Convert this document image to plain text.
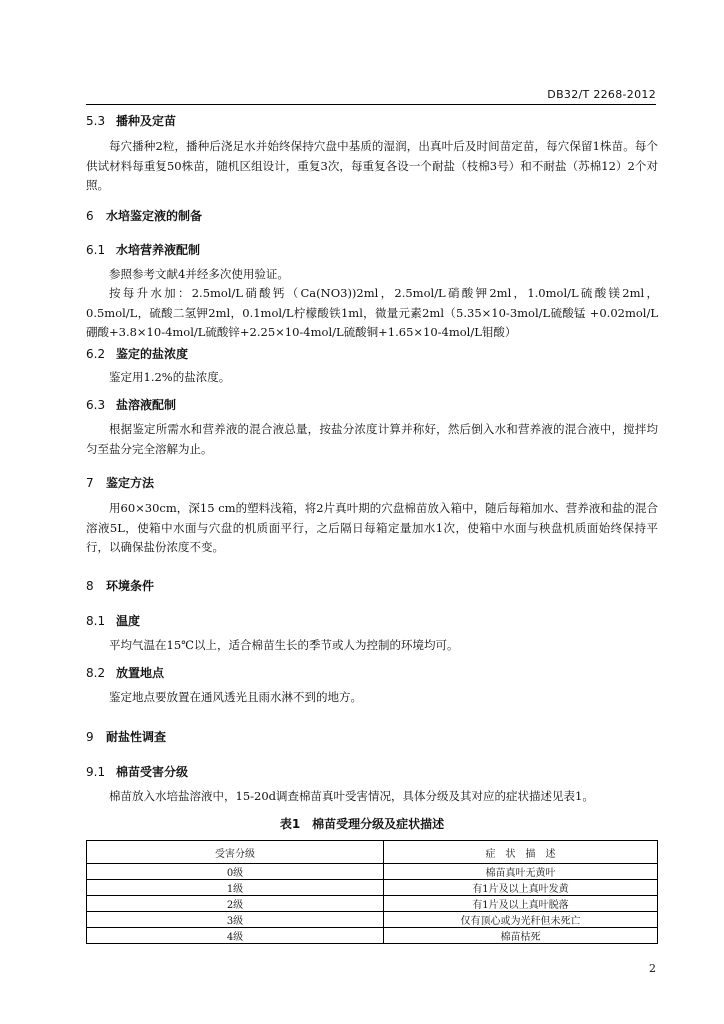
DB32/T 2268-2012
5.3 播种及定苗
每穴播种2粒，播种后浇足水并始终保持穴盘中基质的湿润，出真叶后及时间苗定苗，每穴保留1株苗。每个供试材料每重复50株苗，随机区组设计，重复3次，每重复各设一个耐盐（枝棉3号）和不耐盐（苏棉12）2个对照。
6 水培鉴定液的制备
6.1 水培营养液配制
参照参考文献4并经多次使用验证。
按每升水加：2.5mol/L硝酸钙（Ca(NO3))2ml，2.5mol/L硝酸钾2ml，1.0mol/L硫酸镁2ml，0.5mol/L，硫酸二氢钾2ml，0.1mol/L柠檬酸铁1ml，微量元素2ml（5.35×10-3mol/L硫酸锰 +0.02mol/L硼酸+3.8×10-4mol/L硫酸锌+2.25×10-4mol/L硫酸铜+1.65×10-4mol/L钼酸）
6.2 鉴定的盐浓度
鉴定用1.2%的盐浓度。
6.3 盐溶液配制
根据鉴定所需水和营养液的混合液总量，按盐分浓度计算并称好，然后倒入水和营养液的混合液中，搅拌均匀至盐分完全溶解为止。
7 鉴定方法
用60×30cm，深15 cm的塑料浅箱，将2片真叶期的穴盘棉苗放入箱中，随后每箱加水、营养液和盐的混合溶液5L，使箱中水面与穴盘的机质面平行，之后隔日每箱定量加水1次，使箱中水面与秧盘机质面始终保持平行，以确保盐份浓度不变。
8 环境条件
8.1 温度
平均气温在15℃以上，适合棉苗生长的季节或人为控制的环境均可。
8.2 放置地点
鉴定地点要放置在通风透光且雨水淋不到的地方。
9 耐盐性调查
9.1 棉苗受害分级
棉苗放入水培盐溶液中，15-20d调查棉苗真叶受害情况，具体分级及其对应的症状描述见表1。
表1　棉苗受理分级及症状描述
受害分级	症　状　描　述
0级	棉苗真叶无黄叶
1级	有1片及以上真叶发黄
2级	有1片及以上真叶脱落
3级	仅有顶心或为光秆但未死亡
4级	棉苗枯死
2
